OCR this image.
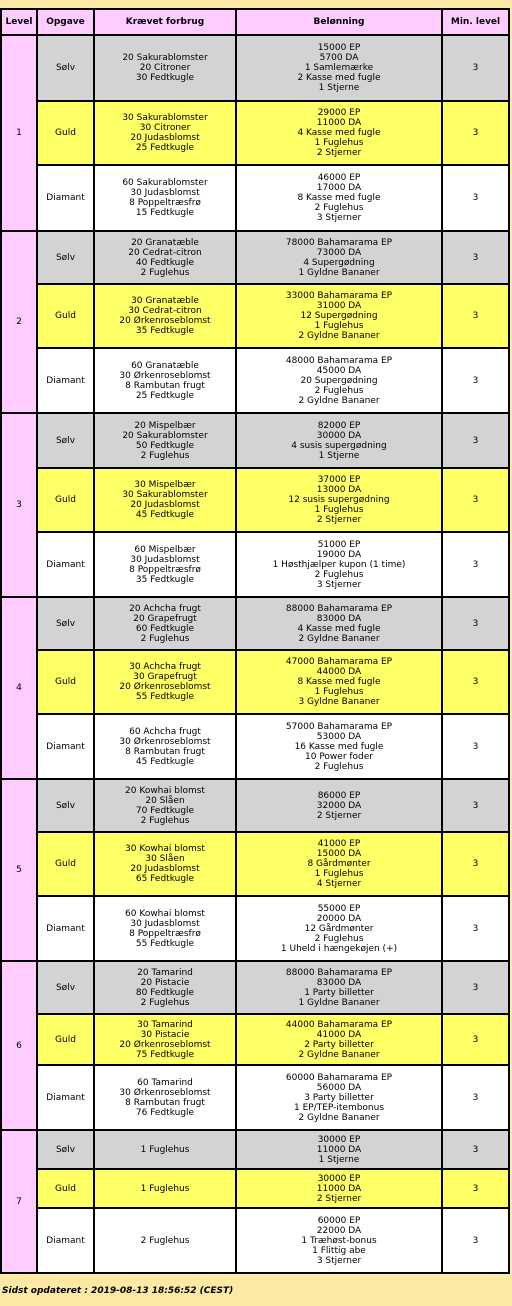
Level	Opgave	Krævet forbrug	Belønning	Min. level
1	Sølv	20 Sakurablomster
20 Citroner
30 Fedtkugle	15000 EP
5700 DA
1 Samlemærke
2 Kasse med fugle
1 Stjerne	3
	Guld	30 Sakurablomster
30 Citroner
20 Judasblomst
25 Fedtkugle	29000 EP
11000 DA
4 Kasse med fugle
1 Fuglehus
2 Stjerner	3
	Diamant	60 Sakurablomster
30 Judasblomst
8 Poppeltræsfrø
15 Fedtkugle	46000 EP
17000 DA
8 Kasse med fugle
2 Fuglehus
3 Stjerner	3
2	Sølv	20 Granatæble
20 Cedrat-citron
40 Fedtkugle
2 Fuglehus	78000 Bahamarama EP
73000 DA
4 Supergødning
1 Gyldne Bananer	3
	Guld	30 Granatæble
30 Cedrat-citron
20 Ørkenroseblomst
35 Fedtkugle	33000 Bahamarama EP
31000 DA
12 Supergødning
1 Fuglehus
2 Gyldne Bananer	3
	Diamant	60 Granatæble
30 Ørkenroseblomst
8 Rambutan frugt
25 Fedtkugle	48000 Bahamarama EP
45000 DA
20 Supergødning
2 Fuglehus
2 Gyldne Bananer	3
3	Sølv	20 Mispelbær
20 Sakurablomster
50 Fedtkugle
2 Fuglehus	82000 EP
30000 DA
4 susis supergødning
1 Stjerne	3
	Guld	30 Mispelbær
30 Sakurablomster
20 Judasblomst
45 Fedtkugle	37000 EP
13000 DA
12 susis supergødning
1 Fuglehus
2 Stjerner	3
	Diamant	60 Mispelbær
30 Judasblomst
8 Poppeltræsfrø
35 Fedtkugle	51000 EP
19000 DA
1 Høsthjælper kupon (1 time)
2 Fuglehus
3 Stjerner	3
4	Sølv	20 Achcha frugt
20 Grapefrugt
60 Fedtkugle
2 Fuglehus	88000 Bahamarama EP
83000 DA
4 Kasse med fugle
2 Gyldne Bananer	3
	Guld	30 Achcha frugt
30 Grapefrugt
20 Ørkenroseblomst
55 Fedtkugle	47000 Bahamarama EP
44000 DA
8 Kasse med fugle
1 Fuglehus
3 Gyldne Bananer	3
	Diamant	60 Achcha frugt
30 Ørkenroseblomst
8 Rambutan frugt
45 Fedtkugle	57000 Bahamarama EP
53000 DA
16 Kasse med fugle
10 Power foder
2 Fuglehus	3
5	Sølv	20 Kowhai blomst
20 Slåen
70 Fedtkugle
2 Fuglehus	86000 EP
32000 DA
2 Stjerner	3
	Guld	30 Kowhai blomst
30 Slåen
20 Judasblomst
65 Fedtkugle	41000 EP
15000 DA
8 Gårdmønter
1 Fuglehus
4 Stjerner	3
	Diamant	60 Kowhai blomst
30 Judasblomst
8 Poppeltræsfrø
55 Fedtkugle	55000 EP
20000 DA
12 Gårdmønter
2 Fuglehus
1 Uheld i hængekøjen (+)	3
6	Sølv	20 Tamarind
20 Pistacie
80 Fedtkugle
2 Fuglehus	88000 Bahamarama EP
83000 DA
1 Party billetter
1 Gyldne Bananer	3
	Guld	30 Tamarind
30 Pistacie
20 Ørkenroseblomst
75 Fedtkugle	44000 Bahamarama EP
41000 DA
2 Party billetter
2 Gyldne Bananer	3
	Diamant	60 Tamarind
30 Ørkenroseblomst
8 Rambutan frugt
76 Fedtkugle	60000 Bahamarama EP
56000 DA
3 Party billetter
1 EP/TEP-itembonus
2 Gyldne Bananer	3
7	Sølv	1 Fuglehus	30000 EP
11000 DA
1 Stjerne	3
	Guld	1 Fuglehus	30000 EP
11000 DA
2 Stjerner	3
	Diamant	2 Fuglehus	60000 EP
22000 DA
1 Træhøst-bonus
1 Flittig abe
3 Stjerner	3
Sidst opdateret : 2019-08-13 18:56:52 (CEST)
